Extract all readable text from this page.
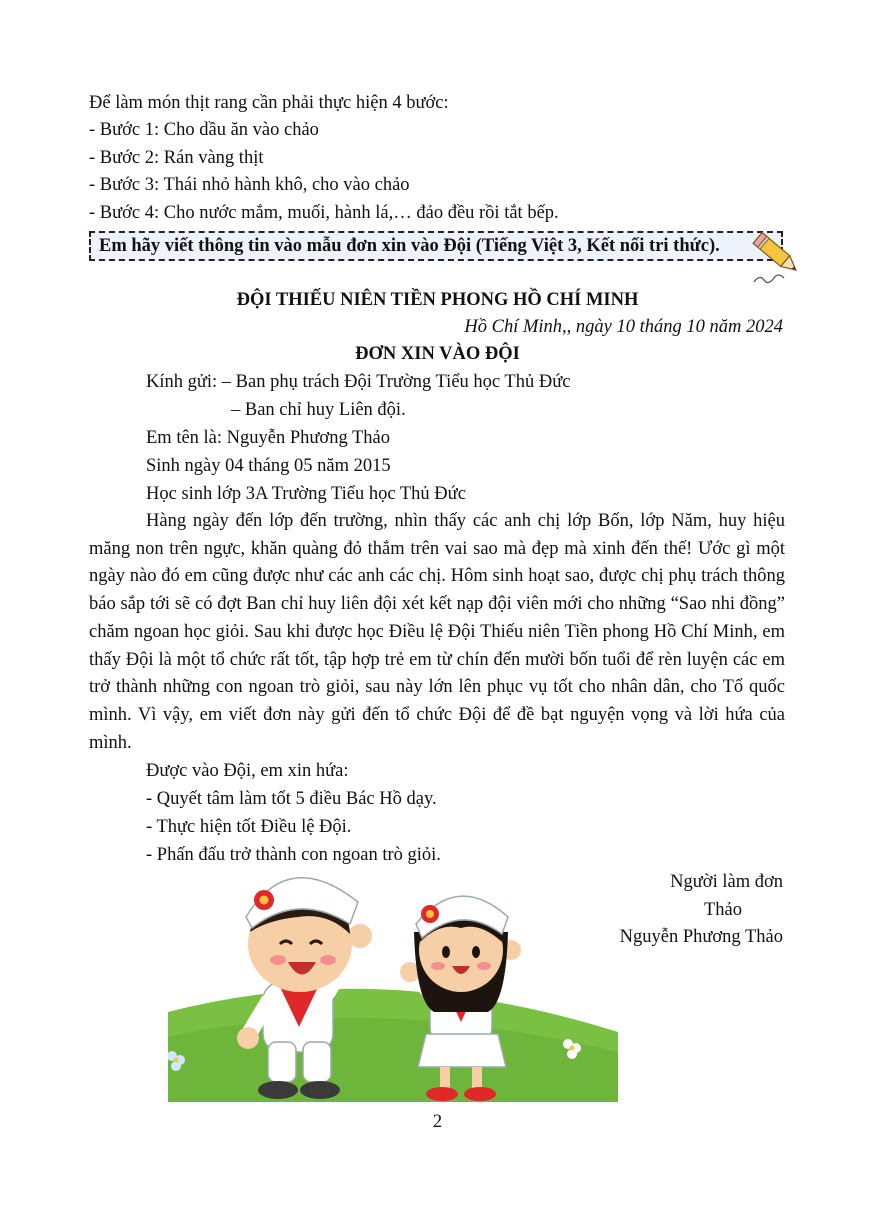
Để làm món thịt rang cần phải thực hiện 4 bước:
- Bước 1: Cho dầu ăn vào chảo
- Bước 2: Rán vàng thịt
- Bước 3: Thái nhỏ hành khô, cho vào chảo
- Bước 4: Cho nước mắm, muối, hành lá,… đảo đều rồi tắt bếp.
Em hãy viết thông tin vào mẫu đơn xin vào Đội (Tiếng Việt 3, Kết nối tri thức).
ĐỘI THIẾU NIÊN TIỀN PHONG HỒ CHÍ MINH
Hồ Chí Minh,, ngày 10 tháng 10 năm 2024
ĐƠN XIN VÀO ĐỘI
Kính gửi: – Ban phụ trách Đội Trường Tiểu học Thủ Đức
– Ban chỉ huy Liên đội.
Em tên là: Nguyễn Phương Thảo
Sinh ngày 04 tháng 05 năm 2015
Học sinh lớp 3A Trường Tiểu học Thủ Đức

Hàng ngày đến lớp đến trường, nhìn thấy các anh chị lớp Bốn, lớp Năm, huy hiệu măng non trên ngực, khăn quàng đỏ thắm trên vai sao mà đẹp mà xinh đến thế! Ước gì một ngày nào đó em cũng được như các anh các chị. Hôm sinh hoạt sao, được chị phụ trách thông báo sắp tới sẽ có đợt Ban chỉ huy liên đội xét kết nạp đội viên mới cho những “Sao nhi đồng” chăm ngoan học giỏi. Sau khi được học Điều lệ Đội Thiếu niên Tiền phong Hồ Chí Minh, em thấy Đội là một tổ chức rất tốt, tập hợp trẻ em từ chín đến mười bốn tuổi để rèn luyện các em trở thành những con ngoan trò giỏi, sau này lớn lên phục vụ tốt cho nhân dân, cho Tổ quốc mình. Vì vậy, em viết đơn này gửi đến tổ chức Đội để đề bạt nguyện vọng và lời hứa của mình.

Được vào Đội, em xin hứa:
- Quyết tâm làm tốt 5 điều Bác Hồ dạy.
- Thực hiện tốt Điều lệ Đội.
- Phấn đấu trở thành con ngoan trò giỏi.
Người làm đơn
Thảo
Nguyễn Phương Thảo
2
